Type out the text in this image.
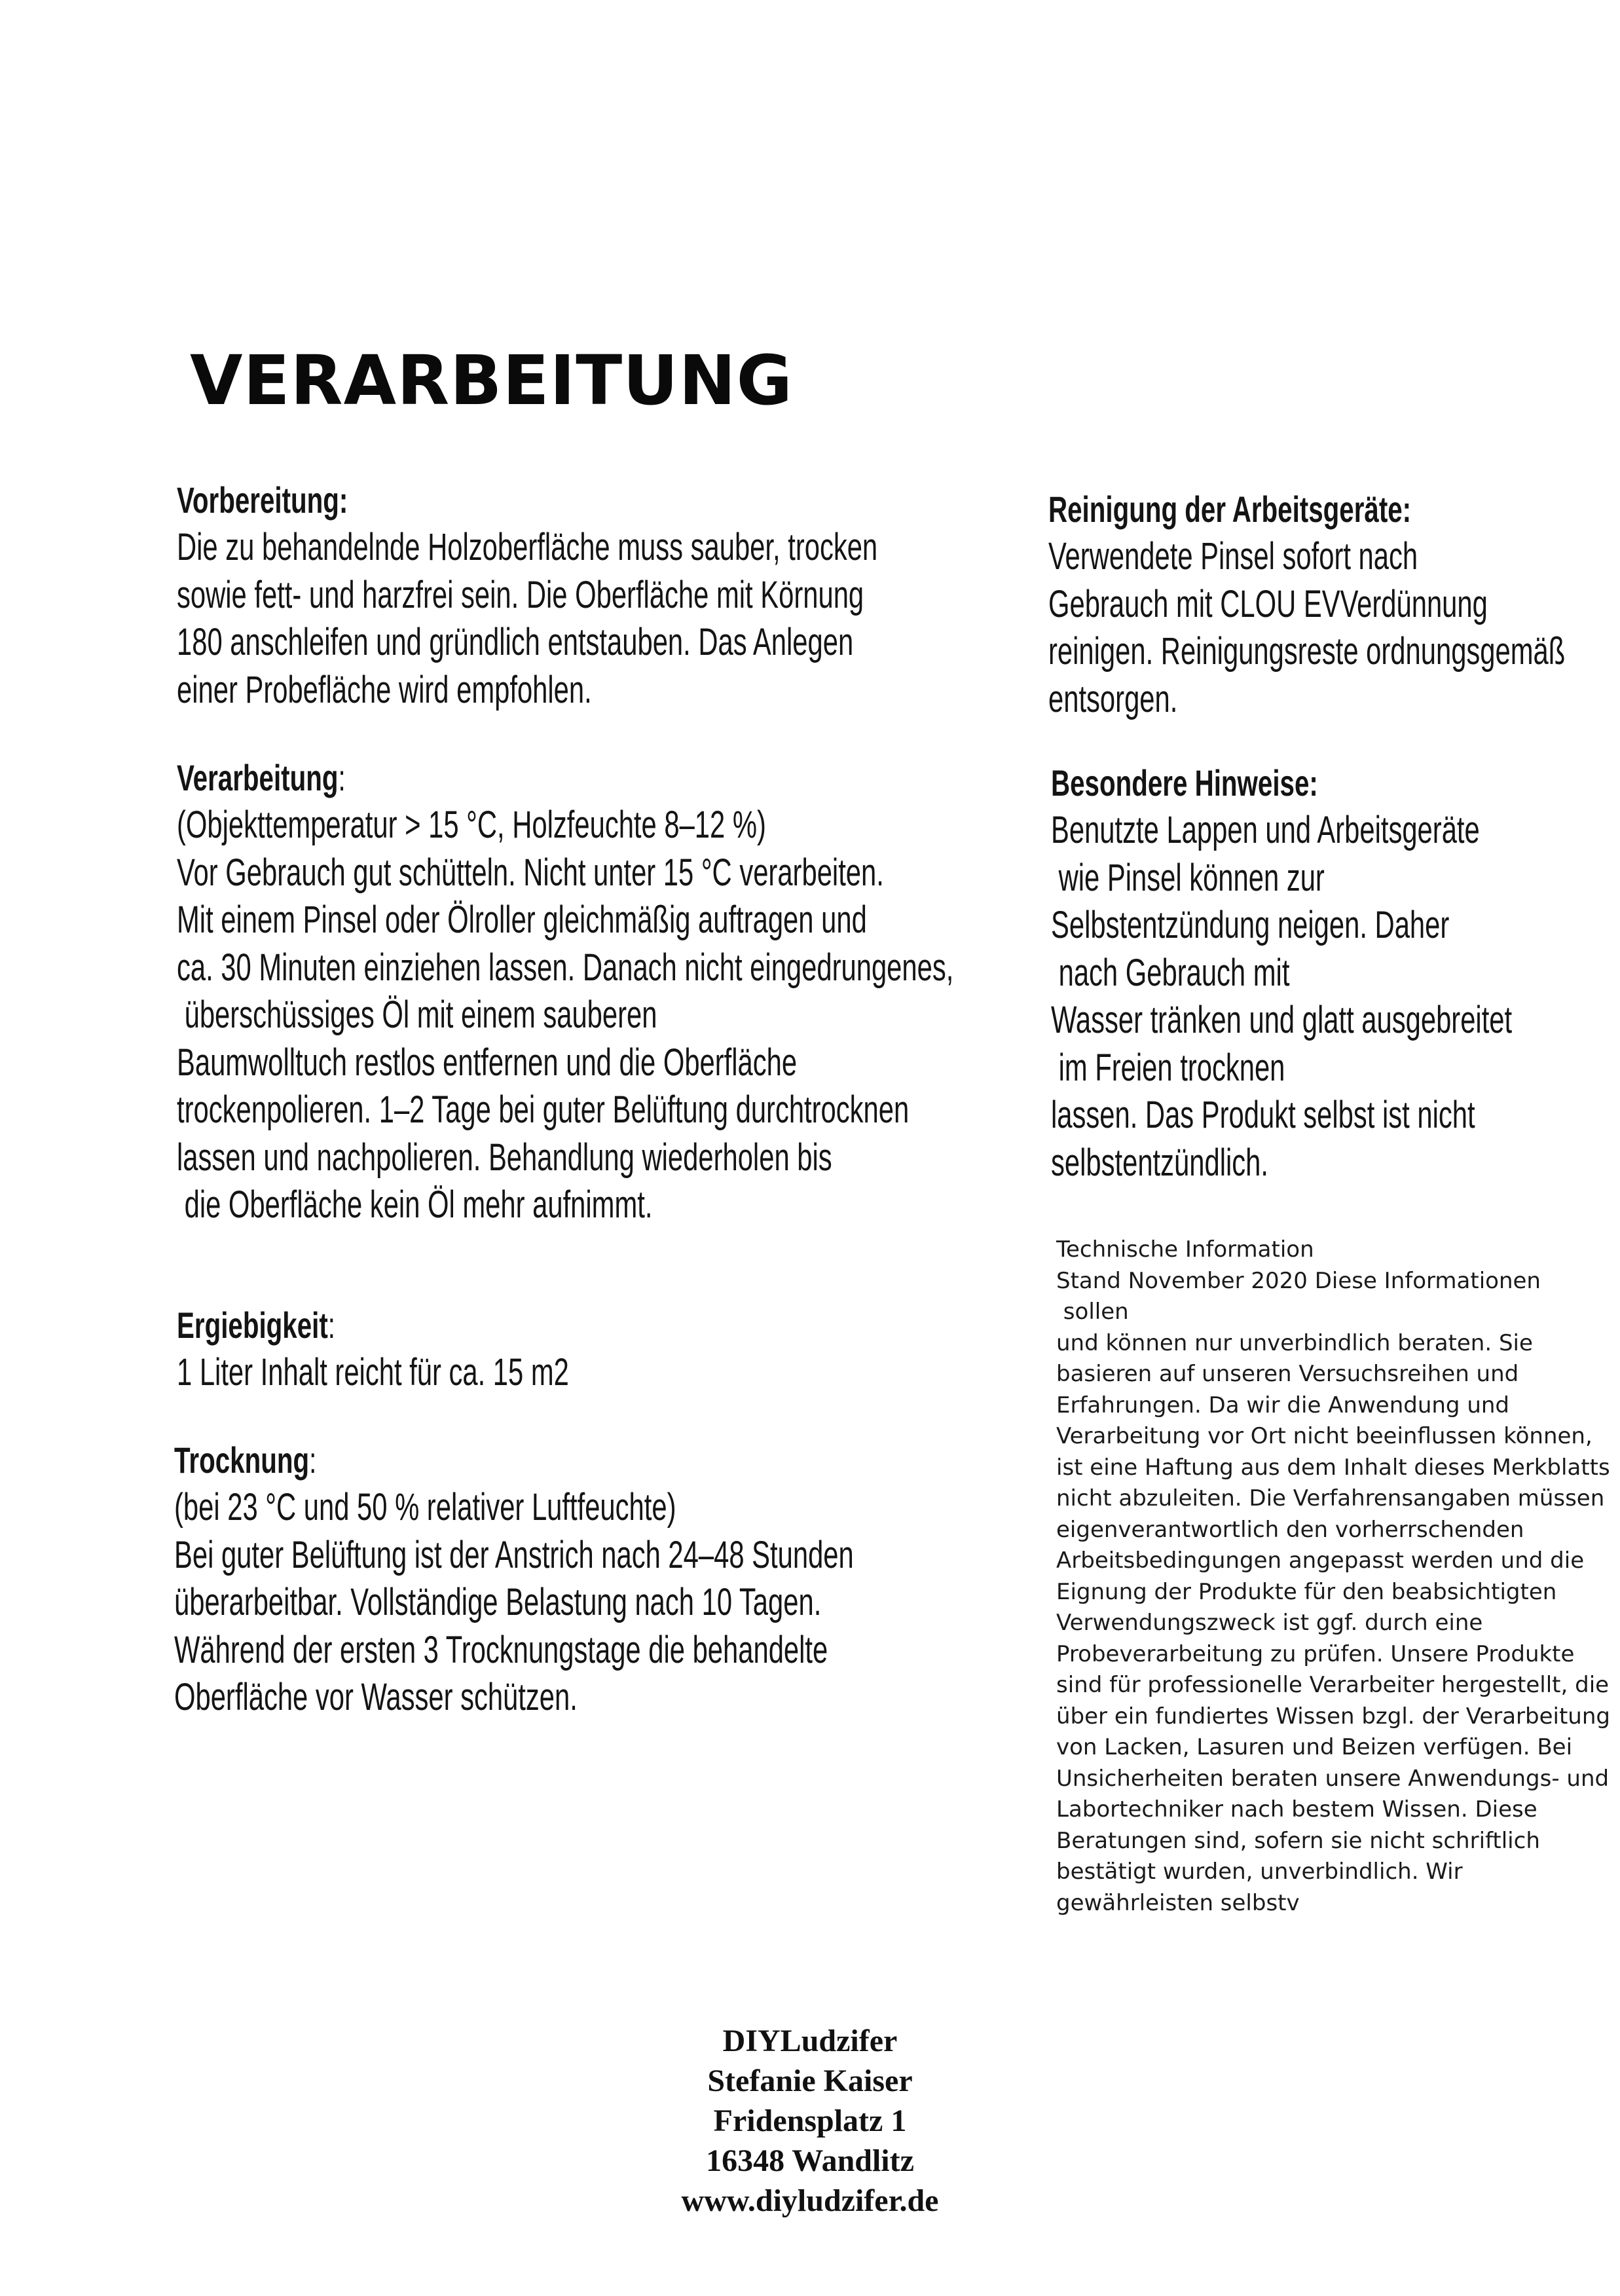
VERARBEITUNG
Vorbereitung:
Die zu behandelnde Holzoberfläche muss sauber, trocken
sowie fett- und harzfrei sein. Die Oberfläche mit Körnung
180 anschleifen und gründlich entstauben. Das Anlegen
einer Probefläche wird empfohlen.
Verarbeitung:
(Objekttemperatur > 15 °C, Holzfeuchte 8–12 %)
Vor Gebrauch gut schütteln. Nicht unter 15 °C verarbeiten.
Mit einem Pinsel oder Ölroller gleichmäßig auftragen und
ca. 30 Minuten einziehen lassen. Danach nicht eingedrungenes,
überschüssiges Öl mit einem sauberen
Baumwolltuch restlos entfernen und die Oberfläche
trockenpolieren. 1–2 Tage bei guter Belüftung durchtrocknen
lassen und nachpolieren. Behandlung wiederholen bis
die Oberfläche kein Öl mehr aufnimmt.
Ergiebigkeit:
1 Liter Inhalt reicht für ca. 15 m2
Trocknung:
(bei 23 °C und 50 % relativer Luftfeuchte)
Bei guter Belüftung ist der Anstrich nach 24–48 Stunden
überarbeitbar. Vollständige Belastung nach 10 Tagen.
Während der ersten 3 Trocknungstage die behandelte
Oberfläche vor Wasser schützen.
Reinigung der Arbeitsgeräte:
Verwendete Pinsel sofort nach
Gebrauch mit CLOU EVVerdünnung
reinigen. Reinigungsreste ordnungsgemäß
entsorgen.
Besondere Hinweise:
Benutzte Lappen und Arbeitsgeräte
wie Pinsel können zur
Selbstentzündung neigen. Daher
nach Gebrauch mit
Wasser tränken und glatt ausgebreitet
im Freien trocknen
lassen. Das Produkt selbst ist nicht
selbstentzündlich.
Technische Information
Stand November 2020 Diese Informationen
sollen
und können nur unverbindlich beraten. Sie
basieren auf unseren Versuchsreihen und
Erfahrungen. Da wir die Anwendung und
Verarbeitung vor Ort nicht beeinflussen können,
ist eine Haftung aus dem Inhalt dieses Merkblatts
nicht abzuleiten. Die Verfahrensangaben müssen
eigenverantwortlich den vorherrschenden
Arbeitsbedingungen angepasst werden und die
Eignung der Produkte für den beabsichtigten
Verwendungszweck ist ggf. durch eine
Probeverarbeitung zu prüfen. Unsere Produkte
sind für professionelle Verarbeiter hergestellt, die
über ein fundiertes Wissen bzgl. der Verarbeitung
von Lacken, Lasuren und Beizen verfügen. Bei
Unsicherheiten beraten unsere Anwendungs- und
Labortechniker nach bestem Wissen. Diese
Beratungen sind, sofern sie nicht schriftlich
bestätigt wurden, unverbindlich. Wir
gewährleisten selbstv
DIYLudzifer
Stefanie Kaiser
Fridensplatz 1
16348 Wandlitz
www.diyludzifer.de
